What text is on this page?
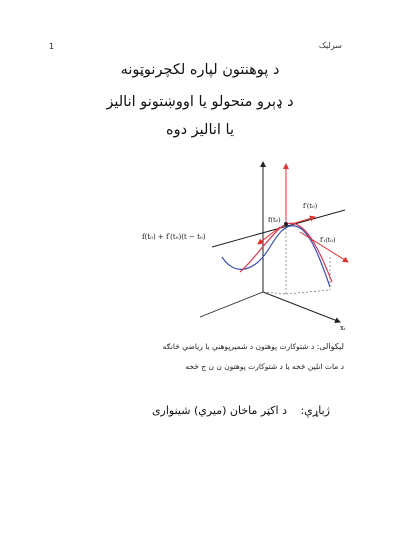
1	سرلیک
د پوهنتون لپاره لکچرنوټونه
د ډېرو متحولو یا اووښتونو انالیز
یا انالیز دوه
f(t₀) + f′(t₀)(t − t₀)
f(t₀)
f′(t₀)
f′ᵢ(t₀)
xᵢ
لیکوالی: د شتوکارت پوهتون د شمیرپوهنې یا ریاضي څانګه
د مات انلین څخه یا د شتوکارت پوهتون ن ن ج څخه
ژباړې: د اکټر ماخان (میري) شینواری
